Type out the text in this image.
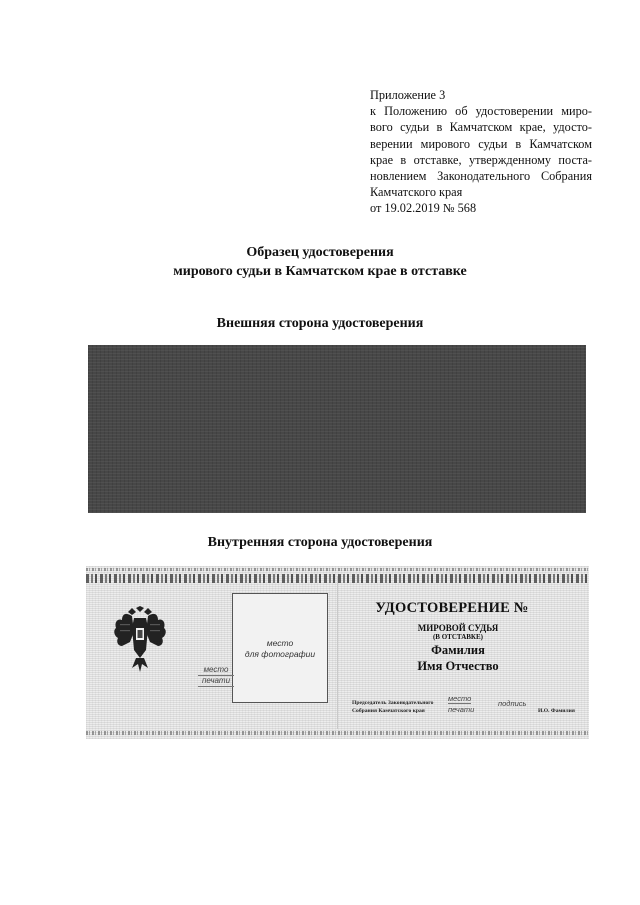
Приложение 3
к Положению об удостоверении миро-
вого судьи в Камчатском крае, удосто-
верении мирового судьи в Камчатском
крае в отставке, утвержденному поста-
новлением Законодательного Собрания
Камчатского края
от 19.02.2019 № 568
Образец удостоверения
мирового судьи в Камчатском крае в отставке
Внешняя сторона удостоверения
Внутренняя сторона удостоверения
место
для фотографии
место
печати
УДОСТОВЕРЕНИЕ №
МИРОВОЙ СУДЬЯ
(В ОТСТАВКЕ)
Фамилия
Имя Отчество
Председатель Законодательного
Собрания Камчатского края
место
печати
подпись
И.О. Фамилия
